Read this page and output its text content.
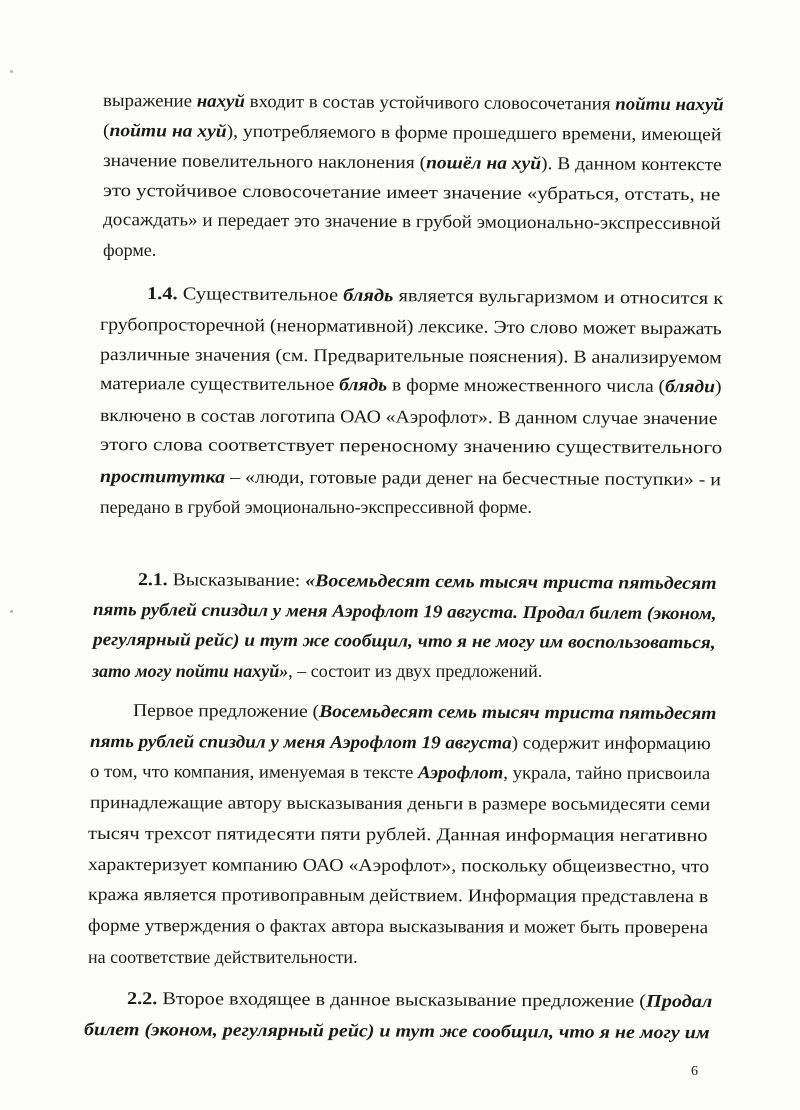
выражение нахуй входит в состав устойчивого словосочетания пойти нахуй
(пойти на хуй), употребляемого в форме прошедшего времени, имеющей
значение повелительного наклонения (пошёл на хуй). В данном контексте
это устойчивое словосочетание имеет значение «убраться, отстать, не
досаждать» и передает это значение в грубой эмоционально-экспрессивной
форме.
1.4. Существительное блядь является вульгаризмом и относится к
грубопросторечной (ненормативной) лексике. Это слово может выражать
различные значения (см. Предварительные пояснения). В анализируемом
материале существительное блядь в форме множественного числа (бляди)
включено в состав логотипа ОАО «Аэрофлот». В данном случае значение
этого слова соответствует переносному значению существительного
проститутка – «люди, готовые ради денег на бесчестные поступки» - и
передано в грубой эмоционально-экспрессивной форме.
2.1. Высказывание: «Восемьдесят семь тысяч триста пятьдесят
пять рублей спиздил у меня Аэрофлот 19 августа. Продал билет (эконом,
регулярный рейс) и тут же сообщил, что я не могу им воспользоваться,
зато могу пойти нахуй», – состоит из двух предложений.
Первое предложение (Восемьдесят семь тысяч триста пятьдесят
пять рублей спиздил у меня Аэрофлот 19 августа) содержит информацию
о том, что компания, именуемая в тексте Аэрофлот, украла, тайно присвоила
принадлежащие автору высказывания деньги в размере восьмидесяти семи
тысяч трехсот пятидесяти пяти рублей. Данная информация негативно
характеризует компанию ОАО «Аэрофлот», поскольку общеизвестно, что
кража является противоправным действием. Информация представлена в
форме утверждения о фактах автора высказывания и может быть проверена
на соответствие действительности.
2.2. Второе входящее в данное высказывание предложение (Продал
билет (эконом, регулярный рейс) и тут же сообщил, что я не могу им
6
